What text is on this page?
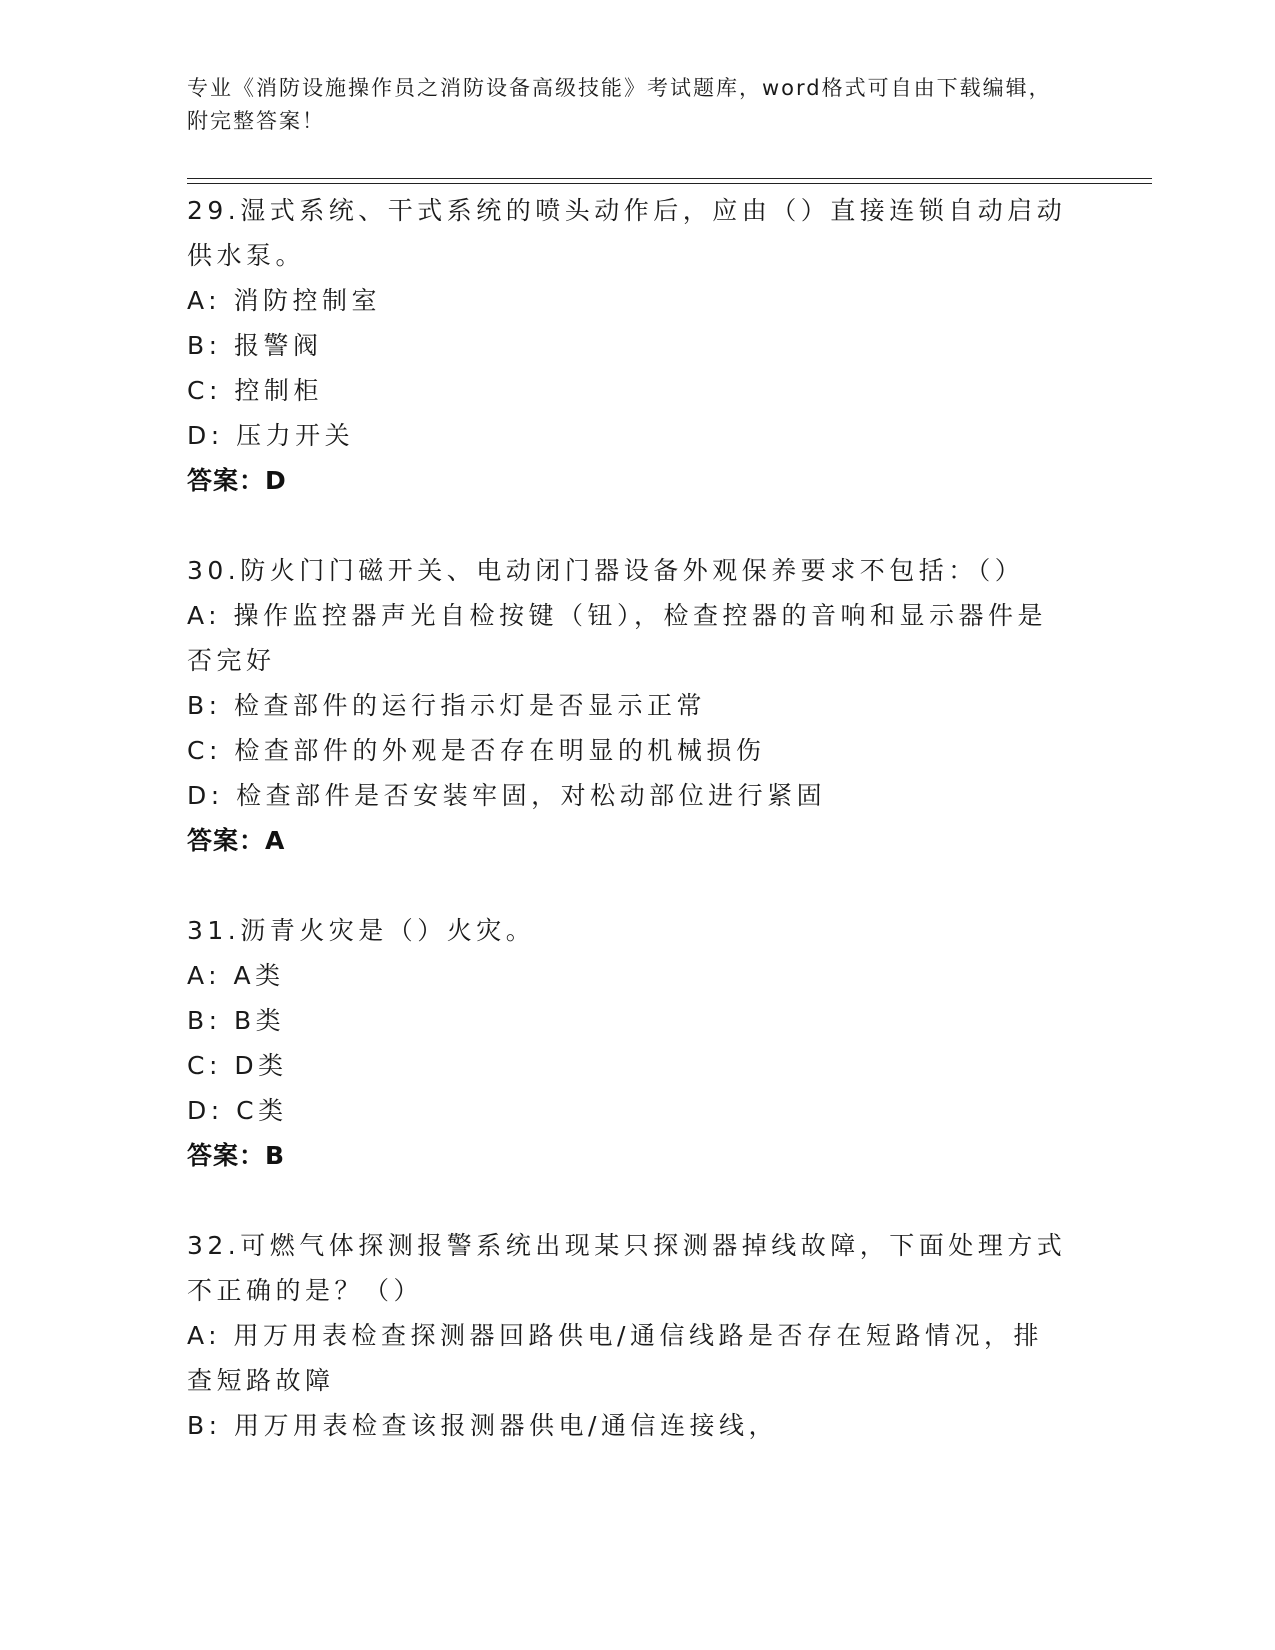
专业《消防设施操作员之消防设备高级技能》考试题库，word格式可自由下载编辑，附完整答案！

29.湿式系统、干式系统的喷头动作后，应由（）直接连锁自动启动供水泵。

A: 消防控制室

B: 报警阀

C: 控制柜

D: 压力开关

答案：D

30.防火门门磁开关、电动闭门器设备外观保养要求不包括：（）

A: 操作监控器声光自检按键（钮），检查控器的音响和显示器件是否完好

B: 检查部件的运行指示灯是否显示正常

C: 检查部件的外观是否存在明显的机械损伤

D: 检查部件是否安装牢固，对松动部位进行紧固

答案：A

31.沥青火灾是（）火灾。

A: A类

B: B类

C: D类

D: C类

答案：B

32.可燃气体探测报警系统出现某只探测器掉线故障，下面处理方式不正确的是？（）

A: 用万用表检查探测器回路供电/通信线路是否存在短路情况，排查短路故障

B: 用万用表检查该报测器供电/通信连接线，
